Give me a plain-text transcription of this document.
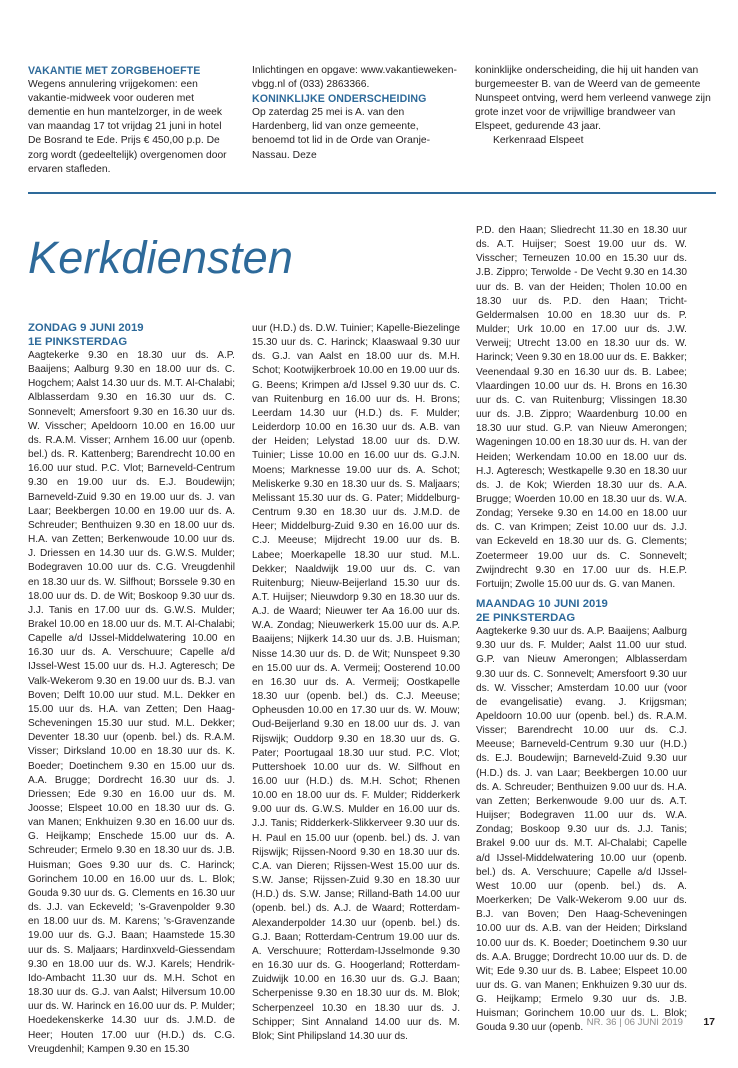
VAKANTIE MET ZORGBEHOEFTE

Wegens annulering vrijgekomen: een vakantie-midweek voor ouderen met dementie en hun mantelzorger, in de week van maandag 17 tot vrijdag 21 juni in hotel De Bosrand te Ede. Prijs € 450,00 p.p. De zorg wordt (gedeeltelijk) overgenomen door ervaren stafleden.

Inlichtingen en opgave: www.vakantieweken-vbgg.nl of (033) 2863366.

KONINKLIJKE ONDERSCHEIDING

Op zaterdag 25 mei is A. van den Hardenberg, lid van onze gemeente, benoemd tot lid in de Orde van Oranje-Nassau. Deze

koninklijke onderscheiding, die hij uit handen van burgemeester B. van de Weerd van de gemeente Nunspeet ontving, werd hem verleend vanwege zijn grote inzet voor de vrijwillige brandweer van Elspeet, gedurende 43 jaar.

Kerkenraad Elspeet

Kerkdiensten

ZONDAG 9 JUNI 2019

1E PINKSTERDAG

Aagtekerke 9.30 en 18.30 uur ds. A.P. Baaijens; Aalburg 9.30 en 18.00 uur ds. C. Hogchem; Aalst 14.30 uur ds. M.T. Al-Chalabi; Alblasserdam 9.30 en 16.30 uur ds. C. Sonnevelt; Amersfoort 9.30 en 16.30 uur ds. W. Visscher; Apeldoorn 10.00 en 16.00 uur ds. R.A.M. Visser; Arnhem 16.00 uur (openb. bel.) ds. R. Kattenberg; Barendrecht 10.00 en 16.00 uur stud. P.C. Vlot; Barneveld-Centrum 9.30 en 19.00 uur ds. E.J. Boudewijn; Barneveld-Zuid 9.30 en 19.00 uur ds. J. van Laar; Beekbergen 10.00 en 19.00 uur ds. A. Schreuder; Benthuizen 9.30 en 18.00 uur ds. H.A. van Zetten; Berkenwoude 10.00 uur ds. J. Driessen en 14.30 uur ds. G.W.S. Mulder; Bodegraven 10.00 uur ds. C.G. Vreugdenhil en 18.30 uur ds. W. Silfhout; Borssele 9.30 en 18.00 uur ds. D. de Wit; Boskoop 9.30 uur ds. J.J. Tanis en 17.00 uur ds. G.W.S. Mulder; Brakel 10.00 en 18.00 uur ds. M.T. Al-Chalabi; Capelle a/d IJssel-Middelwatering 10.00 en 16.30 uur ds. A. Verschuure; Capelle a/d IJssel-West 15.00 uur ds. H.J. Agteresch; De Valk-Wekerom 9.30 en 19.00 uur ds. B.J. van Boven; Delft 10.00 uur stud. M.L. Dekker en 15.00 uur ds. H.A. van Zetten; Den Haag-Scheveningen 15.30 uur stud. M.L. Dekker; Deventer 18.30 uur (openb. bel.) ds. R.A.M. Visser; Dirksland 10.00 en 18.30 uur ds. K. Boeder; Doetinchem 9.30 en 15.00 uur ds. A.A. Brugge; Dordrecht 16.30 uur ds. J. Driessen; Ede 9.30 en 16.00 uur ds. M. Joosse; Elspeet 10.00 en 18.30 uur ds. G. van Manen; Enkhuizen 9.30 en 16.00 uur ds. G. Heijkamp; Enschede 15.00 uur ds. A. Schreuder; Ermelo 9.30 en 18.30 uur ds. J.B. Huisman; Goes 9.30 uur ds. C. Harinck; Gorinchem 10.00 en 16.00 uur ds. L. Blok; Gouda 9.30 uur ds. G. Clements en 16.30 uur ds. J.J. van Eckeveld; 's-Gravenpolder 9.30 en 18.00 uur ds. M. Karens; 's-Gravenzande 19.00 uur ds. G.J. Baan; Haamstede 15.30 uur ds. S. Maljaars; Hardinxveld-Giessendam 9.30 en 18.00 uur ds. W.J. Karels; Hendrik-Ido-Ambacht 11.30 uur ds. M.H. Schot en 18.30 uur ds. G.J. van Aalst; Hilversum 10.00 uur ds. W. Harinck en 16.00 uur ds. P. Mulder; Hoedekenskerke 14.30 uur ds. J.M.D. de Heer; Houten 17.00 uur (H.D.) ds. C.G. Vreugdenhil; Kampen 9.30 en 15.30

uur (H.D.) ds. D.W. Tuinier; Kapelle-Biezelinge 15.30 uur ds. C. Harinck; Klaaswaal 9.30 uur ds. G.J. van Aalst en 18.00 uur ds. M.H. Schot; Kootwijkerbroek 10.00 en 19.00 uur ds. G. Beens; Krimpen a/d IJssel 9.30 uur ds. C. van Ruitenburg en 16.00 uur ds. H. Brons; Leerdam 14.30 uur (H.D.) ds. F. Mulder; Leiderdorp 10.00 en 16.30 uur ds. A.B. van der Heiden; Lelystad 18.00 uur ds. D.W. Tuinier; Lisse 10.00 en 16.00 uur ds. G.J.N. Moens; Marknesse 19.00 uur ds. A. Schot; Meliskerke 9.30 en 18.30 uur ds. S. Maljaars; Melissant 15.30 uur ds. G. Pater; Middelburg-Centrum 9.30 en 18.30 uur ds. J.M.D. de Heer; Middelburg-Zuid 9.30 en 16.00 uur ds. C.J. Meeuse; Mijdrecht 19.00 uur ds. B. Labee; Moerkapelle 18.30 uur stud. M.L. Dekker; Naaldwijk 19.00 uur ds. C. van Ruitenburg; Nieuw-Beijerland 15.30 uur ds. A.T. Huijser; Nieuwdorp 9.30 en 18.30 uur ds. A.J. de Waard; Nieuwer ter Aa 16.00 uur ds. W.A. Zondag; Nieuwerkerk 15.00 uur ds. A.P. Baaijens; Nijkerk 14.30 uur ds. J.B. Huisman; Nisse 14.30 uur ds. D. de Wit; Nunspeet 9.30 en 15.00 uur ds. A. Vermeij; Oosterend 10.00 en 16.30 uur ds. A. Vermeij; Oostkapelle 18.30 uur (openb. bel.) ds. C.J. Meeuse; Opheusden 10.00 en 17.30 uur ds. W. Mouw; Oud-Beijerland 9.30 en 18.00 uur ds. J. van Rijswijk; Ouddorp 9.30 en 18.30 uur ds. G. Pater; Poortugaal 18.30 uur stud. P.C. Vlot; Puttershoek 10.00 uur ds. W. Silfhout en 16.00 uur (H.D.) ds. M.H. Schot; Rhenen 10.00 en 18.00 uur ds. F. Mulder; Ridderkerk 9.00 uur ds. G.W.S. Mulder en 16.00 uur ds. J.J. Tanis; Ridderkerk-Slikkerveer 9.30 uur ds. H. Paul en 15.00 uur (openb. bel.) ds. J. van Rijswijk; Rijssen-Noord 9.30 en 18.30 uur ds. C.A. van Dieren; Rijssen-West 15.00 uur ds. S.W. Janse; Rijssen-Zuid 9.30 en 18.30 uur (H.D.) ds. S.W. Janse; Rilland-Bath 14.00 uur (openb. bel.) ds. A.J. de Waard; Rotterdam-Alexanderpolder 14.30 uur (openb. bel.) ds. G.J. Baan; Rotterdam-Centrum 19.00 uur ds. A. Verschuure; Rotterdam-IJsselmonde 9.30 en 16.30 uur ds. G. Hoogerland; Rotterdam-Zuidwijk 10.00 en 16.30 uur ds. G.J. Baan; Scherpenisse 9.30 en 18.30 uur ds. M. Blok; Scherpenzeel 10.30 en 18.30 uur ds. J. Schipper; Sint Annaland 14.00 uur ds. M. Blok; Sint Philipsland 14.30 uur ds.

P.D. den Haan; Sliedrecht 11.30 en 18.30 uur ds. A.T. Huijser; Soest 19.00 uur ds. W. Visscher; Terneuzen 10.00 en 15.30 uur ds. J.B. Zippro; Terwolde - De Vecht 9.30 en 14.30 uur ds. B. van der Heiden; Tholen 10.00 en 18.30 uur ds. P.D. den Haan; Tricht-Geldermalsen 10.00 en 18.30 uur ds. P. Mulder; Urk 10.00 en 17.00 uur ds. J.W. Verweij; Utrecht 13.00 en 18.30 uur ds. W. Harinck; Veen 9.30 en 18.00 uur ds. E. Bakker; Veenendaal 9.30 en 16.30 uur ds. B. Labee; Vlaardingen 10.00 uur ds. H. Brons en 16.30 uur ds. C. van Ruitenburg; Vlissingen 18.30 uur ds. J.B. Zippro; Waardenburg 10.00 en 18.30 uur stud. G.P. van Nieuw Amerongen; Wageningen 10.00 en 18.30 uur ds. H. van der Heiden; Werkendam 10.00 en 18.00 uur ds. H.J. Agteresch; Westkapelle 9.30 en 18.30 uur ds. J. de Kok; Wierden 18.30 uur ds. A.A. Brugge; Woerden 10.00 en 18.30 uur ds. W.A. Zondag; Yerseke 9.30 en 14.00 en 18.00 uur ds. C. van Krimpen; Zeist 10.00 uur ds. J.J. van Eckeveld en 18.30 uur ds. G. Clements; Zoetermeer 19.00 uur ds. C. Sonnevelt; Zwijndrecht 9.30 en 17.00 uur ds. H.E.P. Fortuijn; Zwolle 15.00 uur ds. G. van Manen.

MAANDAG 10 JUNI 2019

2E PINKSTERDAG

Aagtekerke 9.30 uur ds. A.P. Baaijens; Aalburg 9.30 uur ds. F. Mulder; Aalst 11.00 uur stud. G.P. van Nieuw Amerongen; Alblasserdam 9.30 uur ds. C. Sonnevelt; Amersfoort 9.30 uur ds. W. Visscher; Amsterdam 10.00 uur (voor de evangelisatie) evang. J. Krijgsman; Apeldoorn 10.00 uur (openb. bel.) ds. R.A.M. Visser; Barendrecht 10.00 uur ds. C.J. Meeuse; Barneveld-Centrum 9.30 uur (H.D.) ds. E.J. Boudewijn; Barneveld-Zuid 9.30 uur (H.D.) ds. J. van Laar; Beekbergen 10.00 uur ds. A. Schreuder; Benthuizen 9.00 uur ds. H.A. van Zetten; Berkenwoude 9.00 uur ds. A.T. Huijser; Bodegraven 11.00 uur ds. W.A. Zondag; Boskoop 9.30 uur ds. J.J. Tanis; Brakel 9.00 uur ds. M.T. Al-Chalabi; Capelle a/d IJssel-Middelwatering 10.00 uur (openb. bel.) ds. A. Verschuure; Capelle a/d IJssel-West 10.00 uur (openb. bel.) ds. A. Moerkerken; De Valk-Wekerom 9.00 uur ds. B.J. van Boven; Den Haag-Scheveningen 10.00 uur ds. A.B. van der Heiden; Dirksland 10.00 uur ds. K. Boeder; Doetinchem 9.30 uur ds. A.A. Brugge; Dordrecht 10.00 uur ds. D. de Wit; Ede 9.30 uur ds. B. Labee; Elspeet 10.00 uur ds. G. van Manen; Enkhuizen 9.30 uur ds. G. Heijkamp; Ermelo 9.30 uur ds. J.B. Huisman; Gorinchem 10.00 uur ds. L. Blok; Gouda 9.30 uur (openb. NR. 36 | 06 JUNI 2019 17
